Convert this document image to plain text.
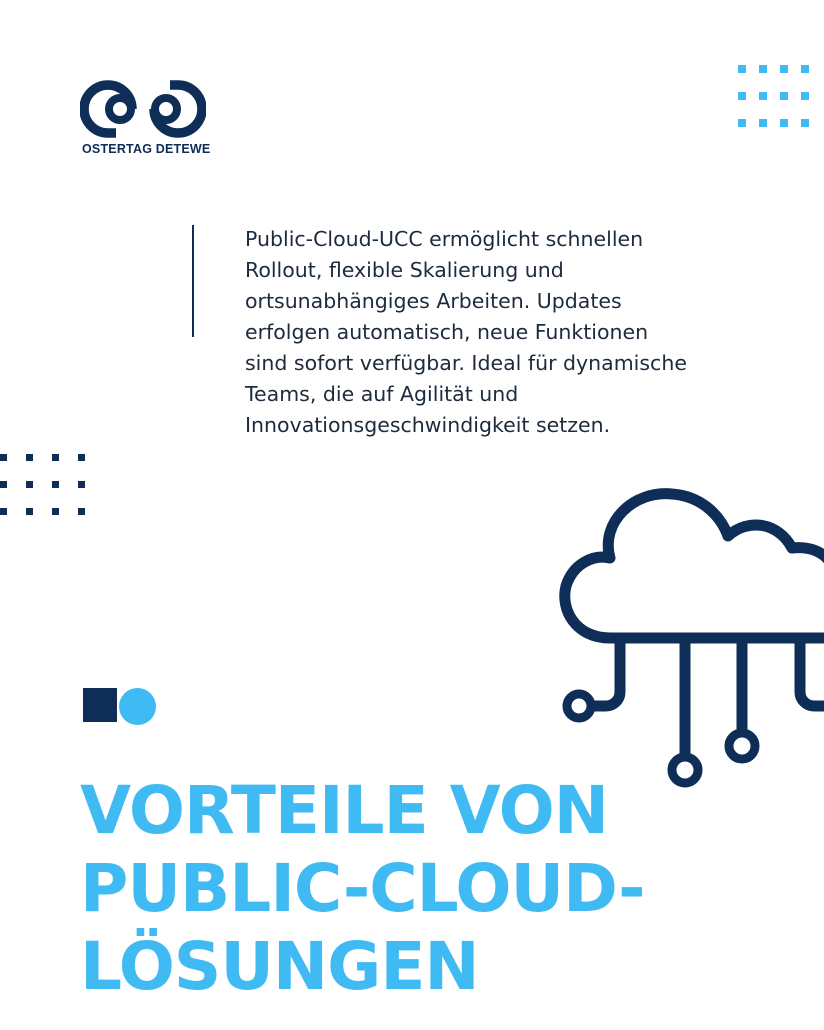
OSTERTAG DETEWE

Public-Cloud-UCC ermöglicht schnellen
Rollout, flexible Skalierung und
ortsunabhängiges Arbeiten. Updates
erfolgen automatisch, neue Funktionen
sind sofort verfügbar. Ideal für dynamische
Teams, die auf Agilität und
Innovationsgeschwindigkeit setzen.

VORTEILE VON
PUBLIC-CLOUD-
LÖSUNGEN
